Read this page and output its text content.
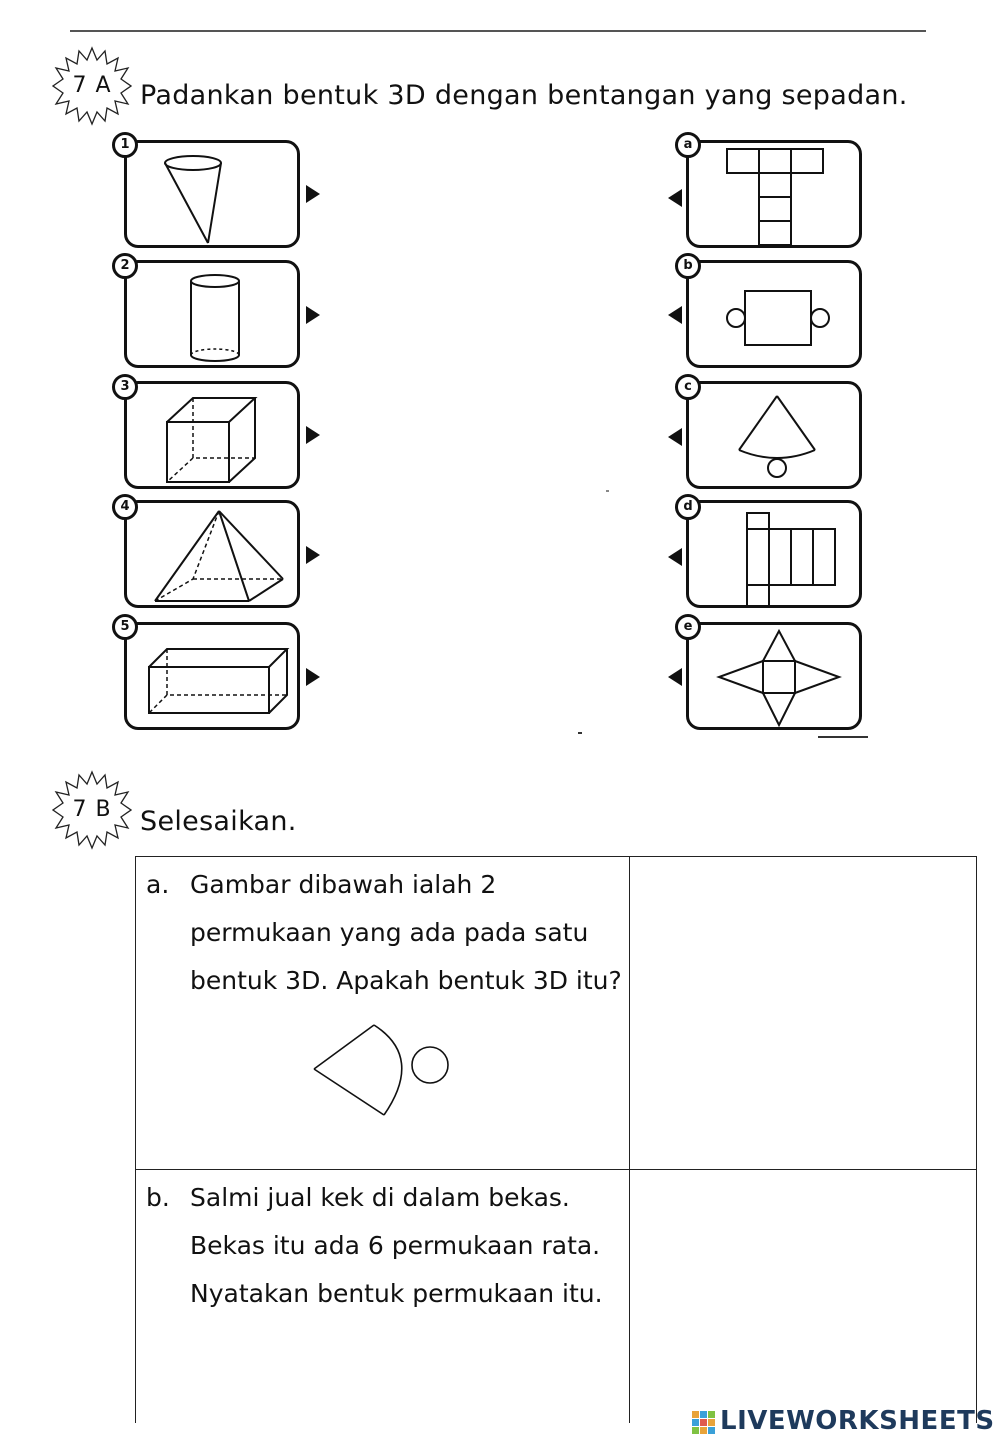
7 A	Padankan bentuk 3D dengan bentangan yang sepadan.
1
2
3
4
5
a
b
c
d
e
7 B	Selesaikan.
a. Gambar dibawah ialah 2
permukaan yang ada pada satu
bentuk 3D. Apakah bentuk 3D itu?	

b. Salmi jual kek di dalam bekas.
Bekas itu ada 6 permukaan rata.
Nyatakan bentuk permukaan itu.	

LIVEWORKSHEETS
